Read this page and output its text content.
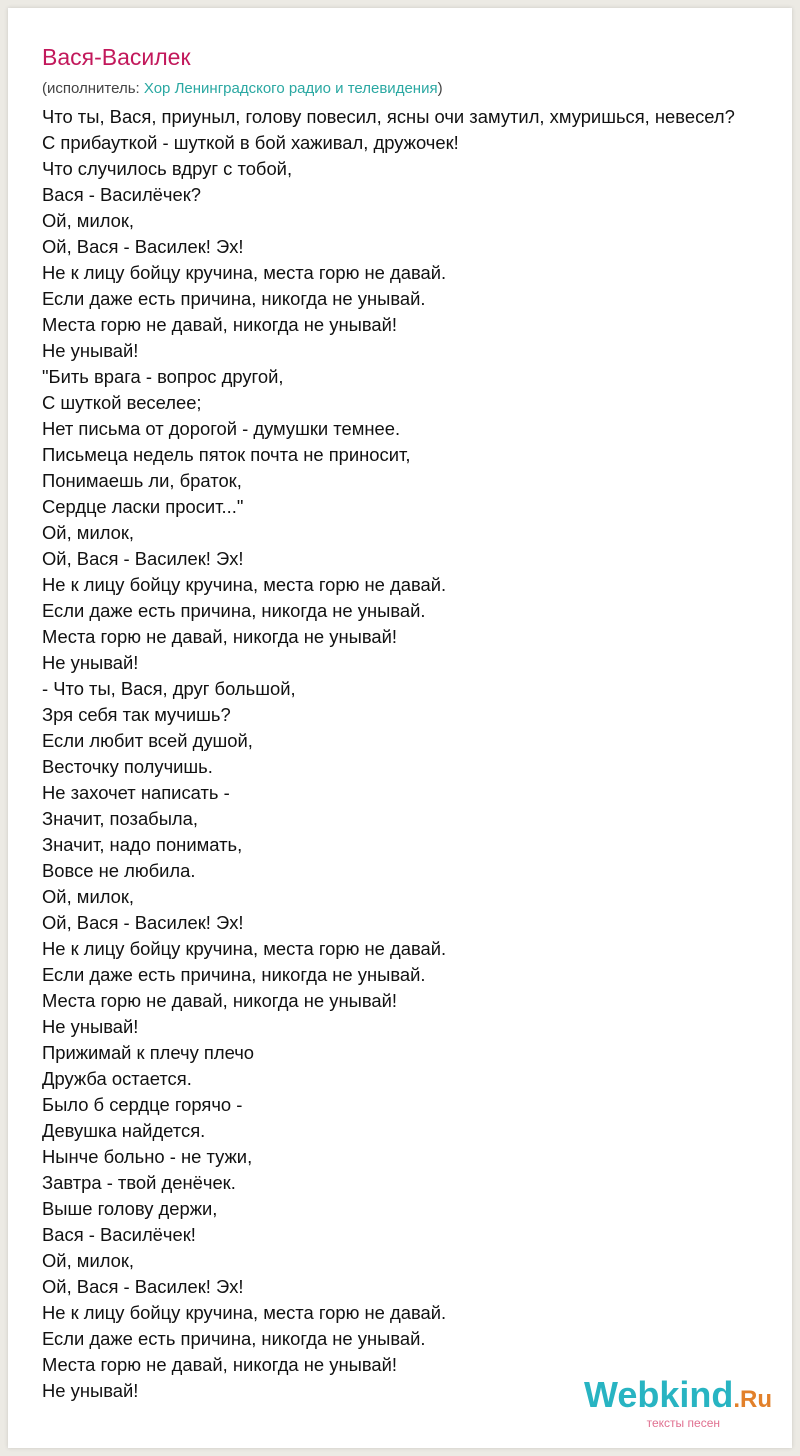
Вася-Василек
(исполнитель: Хор Ленинградского радио и телевидения)
Что ты, Вася, приуныл, голову повесил, ясны очи замутил, хмуришься, невесел?
С прибауткой - шуткой в бой хаживал, дружочек!
Что случилось вдруг с тобой,
Вася - Василёчек?
Ой, милок,
Ой, Вася - Василек! Эх!
Не к лицу бойцу кручина, места горю не давай.
Если даже есть причина, никогда не унывай.
Места горю не давай, никогда не унывай!
Не унывай!
"Бить врага - вопрос другой,
С шуткой веселее;
Нет письма от дорогой - думушки темнее.
Письмеца недель пяток почта не приносит,
Понимаешь ли, браток,
Сердце ласки просит..."
Ой, милок,
Ой, Вася - Василек! Эх!
Не к лицу бойцу кручина, места горю не давай.
Если даже есть причина, никогда не унывай.
Места горю не давай, никогда не унывай!
Не унывай!
- Что ты, Вася, друг большой,
Зря себя так мучишь?
Если любит всей душой,
Весточку получишь.
Не захочет написать -
Значит, позабыла,
Значит, надо понимать,
Вовсе не любила.
Ой, милок,
Ой, Вася - Василек! Эх!
Не к лицу бойцу кручина, места горю не давай.
Если даже есть причина, никогда не унывай.
Места горю не давай, никогда не унывай!
Не унывай!
Прижимай к плечу плечо
Дружба остается.
Было б сердце горячо -
Девушка найдется.
Нынче больно - не тужи,
Завтра - твой денёчек.
Выше голову держи,
Вася - Василёчек!
Ой, милок,
Ой, Вася - Василек! Эх!
Не к лицу бойцу кручина, места горю не давай.
Если даже есть причина, никогда не унывай.
Места горю не давай, никогда не унывай!
Не унывай!	Webkind.Ru
тексты песен
